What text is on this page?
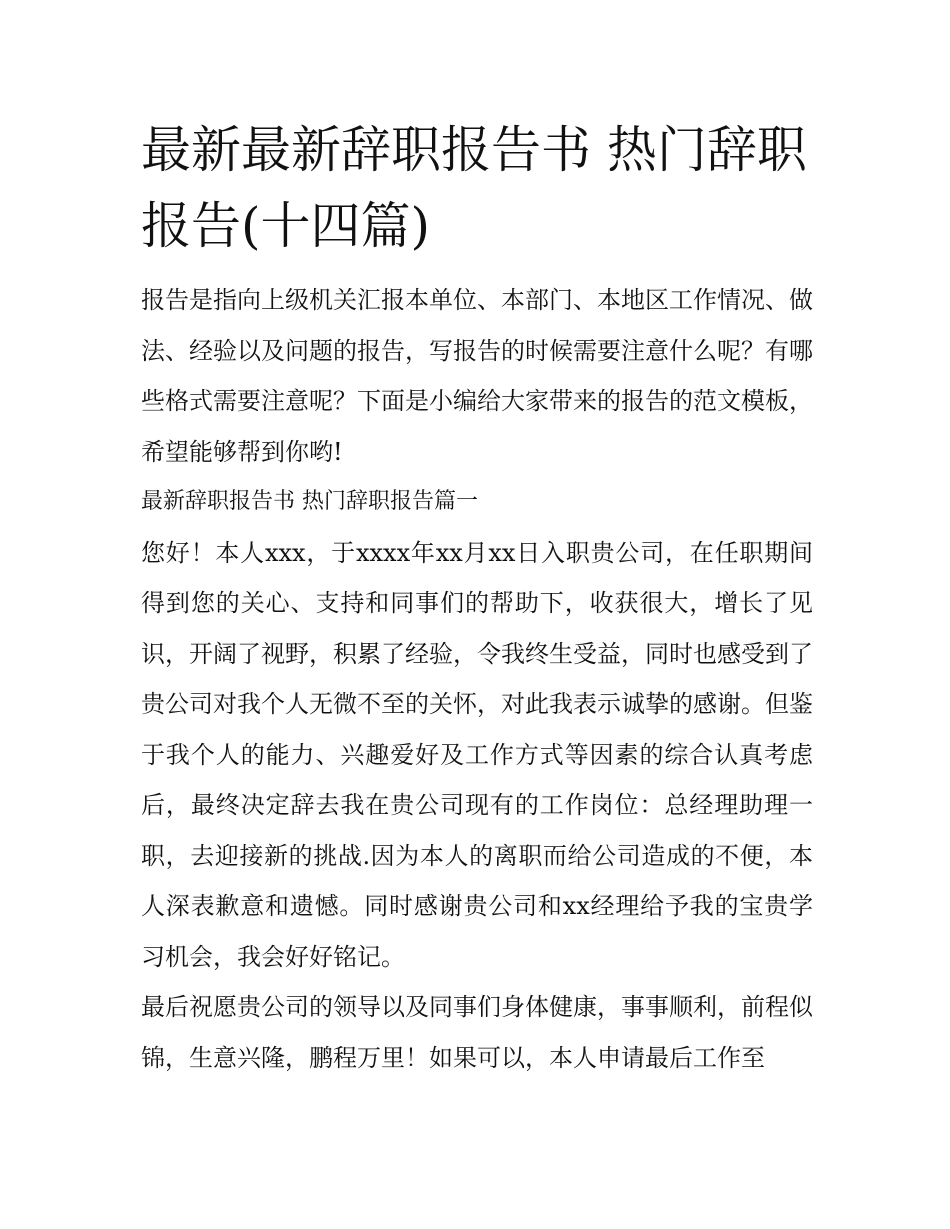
最新最新辞职报告书 热门辞职报告(十四篇)

报告是指向上级机关汇报本单位、本部门、本地区工作情况、做法、经验以及问题的报告，写报告的时候需要注意什么呢？有哪些格式需要注意呢？下面是小编给大家带来的报告的范文模板，希望能够帮到你哟!

最新辞职报告书 热门辞职报告篇一

您好！本人xxx，于xxxx年xx月xx日入职贵公司，在任职期间得到您的关心、支持和同事们的帮助下，收获很大，增长了见识，开阔了视野，积累了经验，令我终生受益，同时也感受到了贵公司对我个人无微不至的关怀，对此我表示诚挚的感谢。但鉴于我个人的能力、兴趣爱好及工作方式等因素的综合认真考虑后，最终决定辞去我在贵公司现有的工作岗位：总经理助理一职，去迎接新的挑战.因为本人的离职而给公司造成的不便，本人深表歉意和遗憾。同时感谢贵公司和xx经理给予我的宝贵学习机会，我会好好铭记。

最后祝愿贵公司的领导以及同事们身体健康，事事顺利，前程似锦，生意兴隆，鹏程万里！如果可以，本人申请最后工作至
